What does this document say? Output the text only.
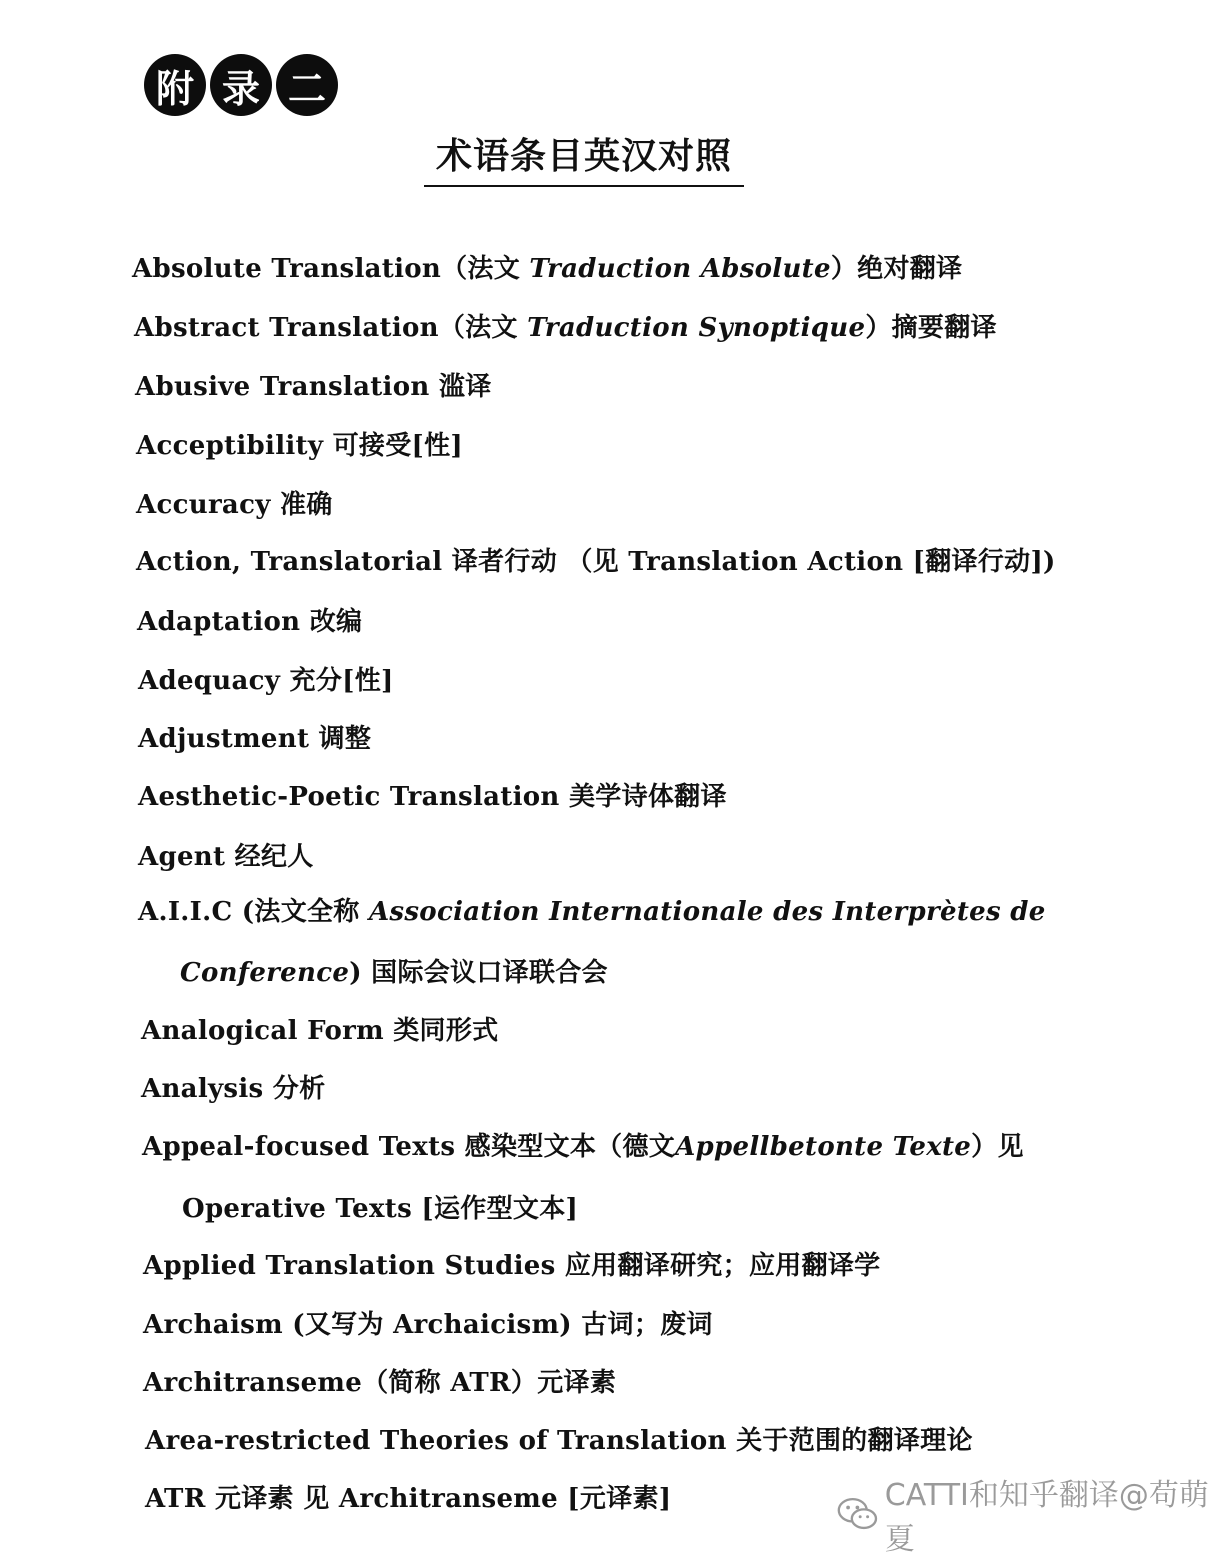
附 录 二
术语条目英汉对照
Absolute Translation（法文 Traduction Absolute）绝对翻译
Abstract Translation（法文 Traduction Synoptique）摘要翻译
Abusive Translation 滥译
Acceptibility 可接受[性]
Accuracy 准确
Action, Translatorial 译者行动 （见 Translation Action [翻译行动])
Adaptation 改编
Adequacy 充分[性]
Adjustment 调整
Aesthetic-Poetic Translation 美学诗体翻译
Agent 经纪人
A.I.I.C (法文全称 Association Internationale des Interprètes de
Conference) 国际会议口译联合会
Analogical Form 类同形式
Analysis 分析
Appeal-focused Texts 感染型文本（德文Appellbetonte Texte）见
Operative Texts [运作型文本]
Applied Translation Studies 应用翻译研究；应用翻译学
Archaism (又写为 Archaicism) 古词；废词
Architranseme（简称 ATR）元译素
Area-restricted Theories of Translation 关于范围的翻译理论
ATR 元译素 见 Architranseme [元译素]	CATTI和知乎翻译@苟萌夏
